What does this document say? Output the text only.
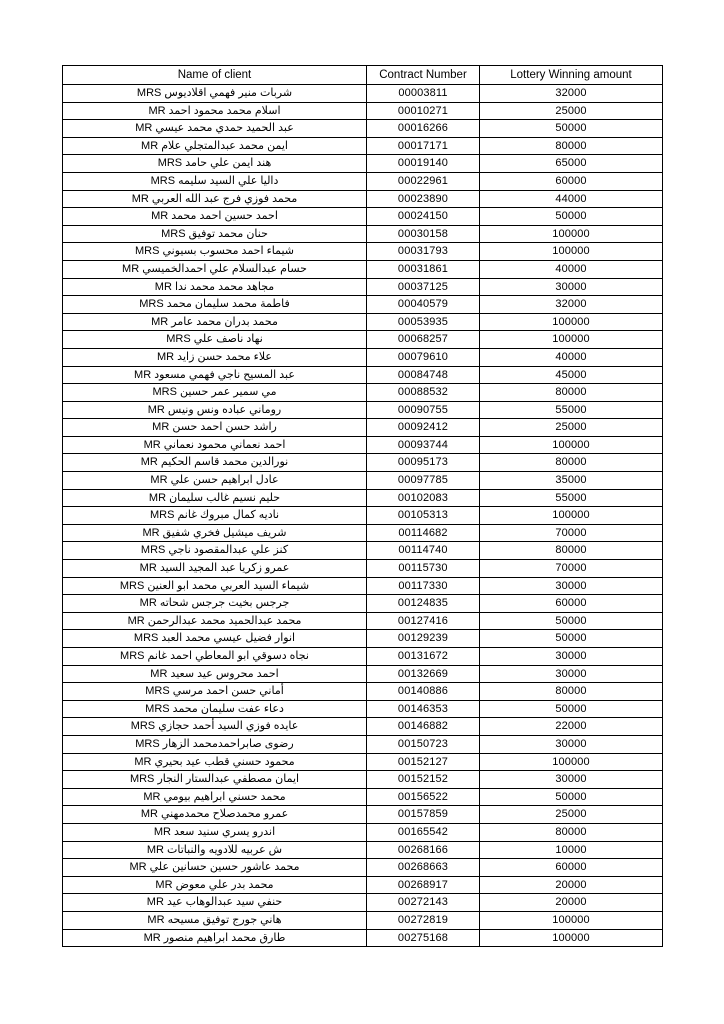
Name of client	Contract Number	Lottery Winning amount
شربات منير فهمي اقلاديوس MRS	00003811	32000
اسلام محمد محمود احمد MR	00010271	25000
عبد الحميد حمدي محمد عيسي MR	00016266	50000
ايمن محمد عبدالمتجلي علام MR	00017171	80000
هند ايمن علي حامد MRS	00019140	65000
داليا علي السيد سليمه MRS	00022961	60000
محمد فوزي فرج عبد الله العربي MR	00023890	44000
احمد حسين احمد محمد MR	00024150	50000
حنان محمد توفيق MRS	00030158	100000
شيماء احمد محسوب بسيوني MRS	00031793	100000
حسام عبدالسلام علي احمدالخميسي MR	00031861	40000
مجاهد محمد محمد ندا MR	00037125	30000
فاطمة محمد سليمان محمد MRS	00040579	32000
محمد بدران محمد عامر MR	00053935	100000
نهاد ناصف علي MRS	00068257	100000
علاء محمد حسن زايد MR	00079610	40000
عبد المسيح ناجي فهمي مسعود MR	00084748	45000
مي سمير عمر حسين MRS	00088532	80000
روماني عباده ونس ونيس MR	00090755	55000
راشد حسن احمد حسن MR	00092412	25000
احمد نعماني محمود نعماني MR	00093744	100000
نورالدين محمد قاسم الحكيم MR	00095173	80000
عادل ابراهيم حسن علي MR	00097785	35000
حليم نسيم غالب سليمان MR	00102083	55000
ناديه كمال مبروك غانم MRS	00105313	100000
شريف ميشيل فخري شفيق MR	00114682	70000
كنز علي عبدالمقصود ناجي MRS	00114740	80000
عمرو زكريا عبد المجيد السيد MR	00115730	70000
شيماء السيد العربي محمد ابو العنين MRS	00117330	30000
جرجس بخيت جرجس شحاته MR	00124835	60000
محمد عبدالحميد محمد عبدالرحمن MR	00127416	50000
انوار فضيل عيسي محمد العبد MRS	00129239	50000
نجاه دسوقي ابو المعاطي احمد غانم MRS	00131672	30000
احمد محروس عيد سعيد MR	00132669	30000
أماني حسن احمد مرسي MRS	00140886	80000
دعاء عفت سليمان محمد MRS	00146353	50000
عايده فوزي السيد أحمد حجازي MRS	00146882	22000
رضوى صابراحمدمحمد الزهار MRS	00150723	30000
محمود حسني قطب عيد بحيري MR	00152127	100000
ايمان مصطفي عبدالستار النجار MRS	00152152	30000
محمد حسني ابراهيم بيومي MR	00156522	50000
عمرو محمدصلاح محمدمهني MR	00157859	25000
اندرو يسري سنيد سعد MR	00165542	80000
ش عربيه للادويه والنباتات MR	00268166	10000
محمد عاشور حسين حسانين علي MR	00268663	60000
محمد بدر علي معوض MR	00268917	20000
حنفي سيد عبدالوهاب عيد MR	00272143	20000
هاني جورج توفيق مسيحه MR	00272819	100000
طارق محمد ابراهيم منصور MR	00275168	100000
